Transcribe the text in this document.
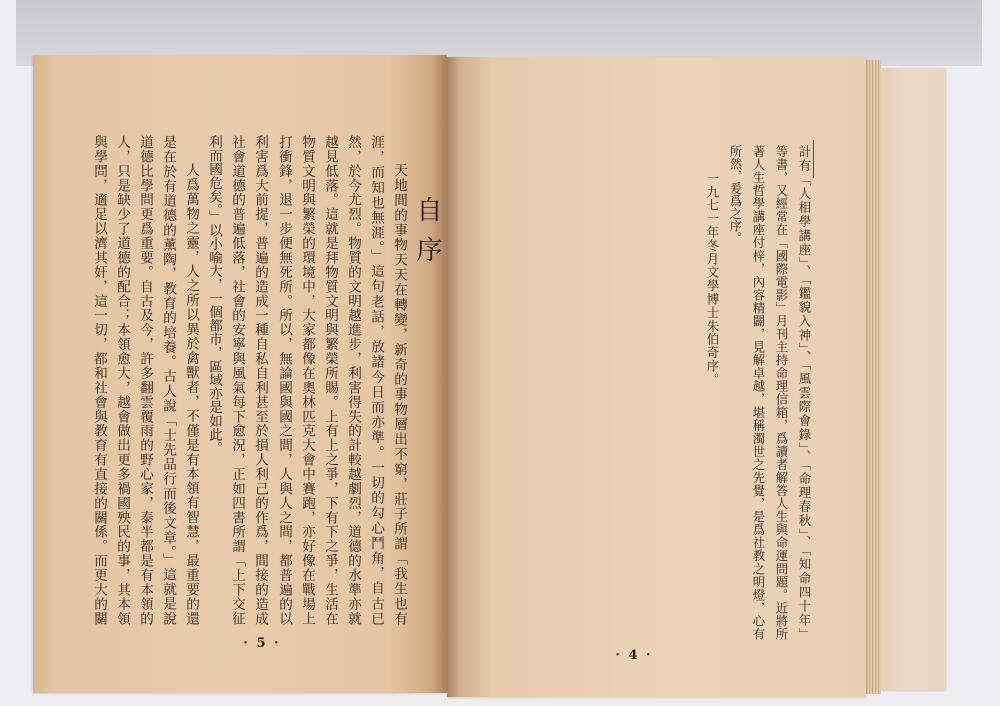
計有「人相學講座」、「鑑貌入神」、「風雲際會錄」、「命理春秋」、「知命四十年」
等書，又經常在「國際電影」月刊主持命理信箱，爲讀者解答人生與命運問題。近將所
著人生哲學講座付梓，內容精闢，見解卓越，堪稱濁世之先覺，是爲社教之明燈，心有
所然，爰爲之序。
一九七一年冬月文學博士朱伯奇序。
· 4 ·
自序
天地間的事物天天在轉變，新奇的事物層出不窮，莊子所謂「我生也有
涯，而知也無涯。」這句老話，放諸今日而亦準。一切的勾心鬥角，自古已
然，於今尤烈。物質的文明越進步，利害得失的計較越劇烈，道德的水準亦就
越見低落。這就是拜物質文明與繁榮所賜。上有上之爭，下有下之爭，生活在
物質文明與繁榮的環境中，大家都像在奧林匹克大會中賽跑，亦好像在戰場上
打衝鋒，退一步便無死所。所以，無論國與國之間，人與人之間，都普遍的以
利害爲大前提，普遍的造成一種自私自利甚至於損人利己的作爲，間接的造成
社會道德的普遍低落，社會的安寧與風氣每下愈況，正如四書所謂「上下交征
利而國危矣。」以小喻大，一個都市，區域亦是如此。
人爲萬物之靈，人之所以異於禽獸者，不僅是有本領有智慧，最重要的還
是在於有道德的薰陶，教育的培養。古人說「士先品行而後文章。」這就是說
道德比學問更爲重要。自古及今，許多翻雲覆雨的野心家，泰半都是有本領的
人，只是缺少了道德的配合；本領愈大，越會做出更多禍國殃民的事，其本領
與學問，適足以濟其奸，這一切，都和社會與教育有直接的關係。而更大的關
· 5 ·
